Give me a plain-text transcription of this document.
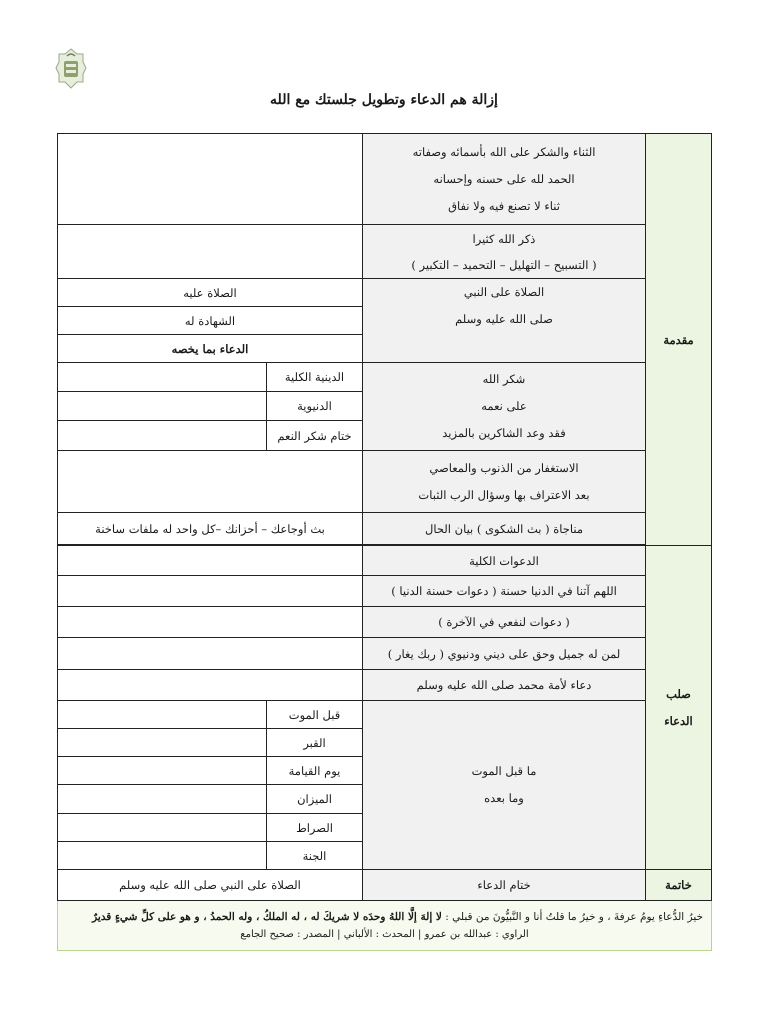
إزالة هم الدعاء وتطويل جلستك مع الله
مقدمة	الثناء والشكر على الله بأسمائه وصفاته
الحمد لله على حسنه وإحسانه
ثناء لا تصنع فيه ولا نفاق		

	ذكر الله كثيرا
( التسبيح – التهليل – التحميد – التكبير )		

	الصلاة على النبي
صلى الله عليه وسلم	الصلاة عليه	
		الشهادة له	
		الدعاء بما يخصه	

	شكر الله
على نعمه
فقد وعد الشاكرين بالمزيد	الدينية الكلية	
		الدنيوية	
		ختام شكر النعم	

	الاستغفار من الذنوب والمعاصي
بعد الاعتراف بها وسؤال الرب الثبات		

	مناجاة ( بث الشكوى ) بيان الحال	بث أوجاعك – أحزانك –كل واحد له ملفات ساخنة	

صلب الدعاء	الدعوات الكلية		
	اللهم آتنا في الدنيا حسنة ( دعوات حسنة الدنيا )		
	( دعوات لنفعي في الآخرة )		
	لمن له جميل وحق على ديني ودنيوي ( ربك يغار )		
	دعاء لأمة محمد صلى الله عليه وسلم		

	ما قبل الموت
وما بعده	قبل الموت	
		القبر	
		يوم القيامة	
		الميزان	
		الصراط	
		الجنة	
خاتمة	ختام الدعاء	الصلاة على النبي صلى الله عليه وسلم	

خيرُ الدُّعاءِ يومُ عرفةَ ، و خيرُ ما قلتُ أنا و النَّبيُّونَ من قبلي : لا إلهَ إلَّا اللهُ وحدَه لا شريكَ له ، له الملكُ ، وله الحمدُ ، و هو على كلِّ شيءٍ قديرٌ
الراوي : عبدالله بن عمرو | المحدث : الألباني | المصدر : صحيح الجامع			
